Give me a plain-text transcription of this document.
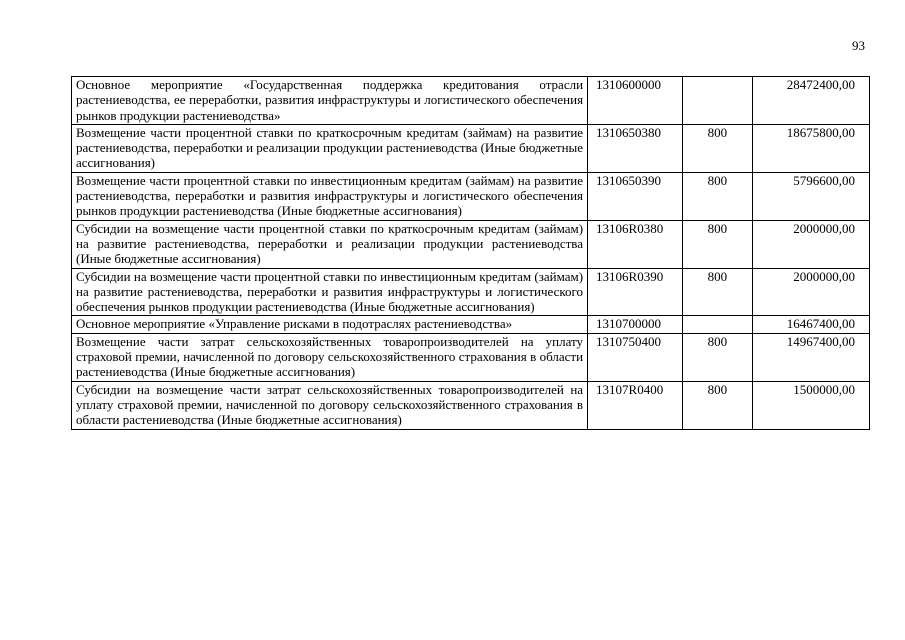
93
Основное мероприятие «Государственная поддержка кредитования отрасли растениеводства, ее переработки, развития инфраструктуры и логистического обеспечения рынков продукции растениеводства»	1310600000		28472400,00
Возмещение части процентной ставки по краткосрочным кредитам (займам) на развитие растениеводства, переработки и реализации продукции растениеводства (Иные бюджетные ассигнования)	1310650380	800	18675800,00
Возмещение части процентной ставки по инвестиционным кредитам (займам) на развитие растениеводства, переработки и развития инфраструктуры и логистического обеспечения рынков продукции растениеводства (Иные бюджетные ассигнования)	1310650390	800	5796600,00
Субсидии на возмещение части процентной ставки по краткосрочным кредитам (займам) на развитие растениеводства, переработки и реализации продукции растениеводства (Иные бюджетные ассигнования)	13106R0380	800	2000000,00
Субсидии на возмещение части процентной ставки по инвестиционным кредитам (займам) на развитие растениеводства, переработки и развития инфраструктуры и логистического обеспечения рынков продукции растениеводства (Иные бюджетные ассигнования)	13106R0390	800	2000000,00
Основное мероприятие «Управление рисками в подотраслях растениеводства»	1310700000		16467400,00
Возмещение части затрат сельскохозяйственных товаропроизводителей на уплату страховой премии, начисленной по договору сельскохозяйственного страхования в области растениеводства (Иные бюджетные ассигнования)	1310750400	800	14967400,00
Субсидии на возмещение части затрат сельскохозяйственных товаропроизводителей на уплату страховой премии, начисленной по договору сельскохозяйственного страхования в области растениеводства (Иные бюджетные ассигнования)	13107R0400	800	1500000,00
